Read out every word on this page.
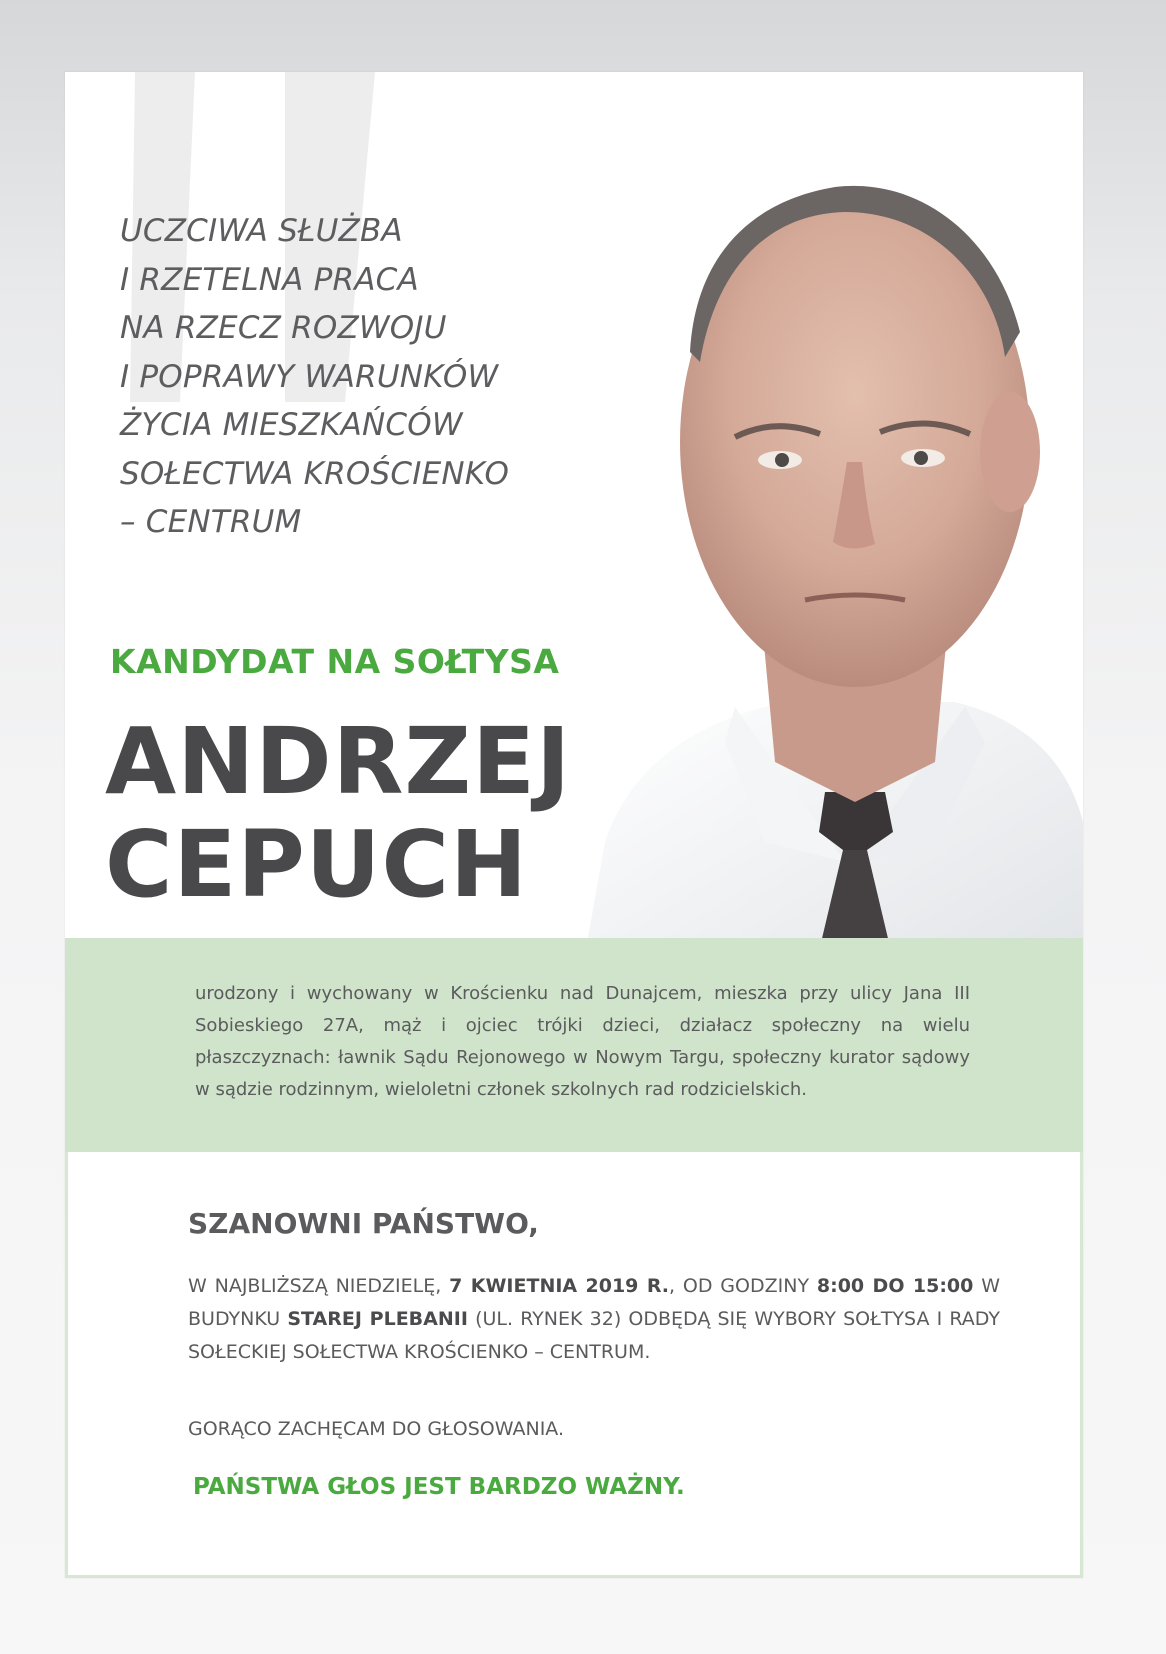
UCZCIWA SŁUŻBA
I RZETELNA PRACA
NA RZECZ ROZWOJU
I POPRAWY WARUNKÓW
ŻYCIA MIESZKAŃCÓW
SOŁECTWA KROŚCIENKO
– CENTRUM
KANDYDAT NA SOŁTYSA
ANDRZEJ
CEPUCH

urodzony i wychowany w Krościenku nad Dunajcem, mieszka przy ulicy Jana III Sobieskiego 27A, mąż i ojciec trójki dzieci, działacz społeczny na wielu płaszczyznach: ławnik Sądu Rejonowego w Nowym Targu, społeczny kurator sądowy w sądzie rodzinnym, wieloletni członek szkolnych rad rodzicielskich.

SZANOWNI PAŃSTWO,

W NAJBLIŻSZĄ NIEDZIELĘ, 7 KWIETNIA 2019 R., OD GODZINY 8:00 DO 15:00 W BUDYNKU STAREJ PLEBANII (UL. RYNEK 32) ODBĘDĄ SIĘ WYBORY SOŁTYSA I RADY SOŁECKIEJ SOŁECTWA KROŚCIENKO – CENTRUM.

GORĄCO ZACHĘCAM DO GŁOSOWANIA.

PAŃSTWA GŁOS JEST BARDZO WAŻNY.
